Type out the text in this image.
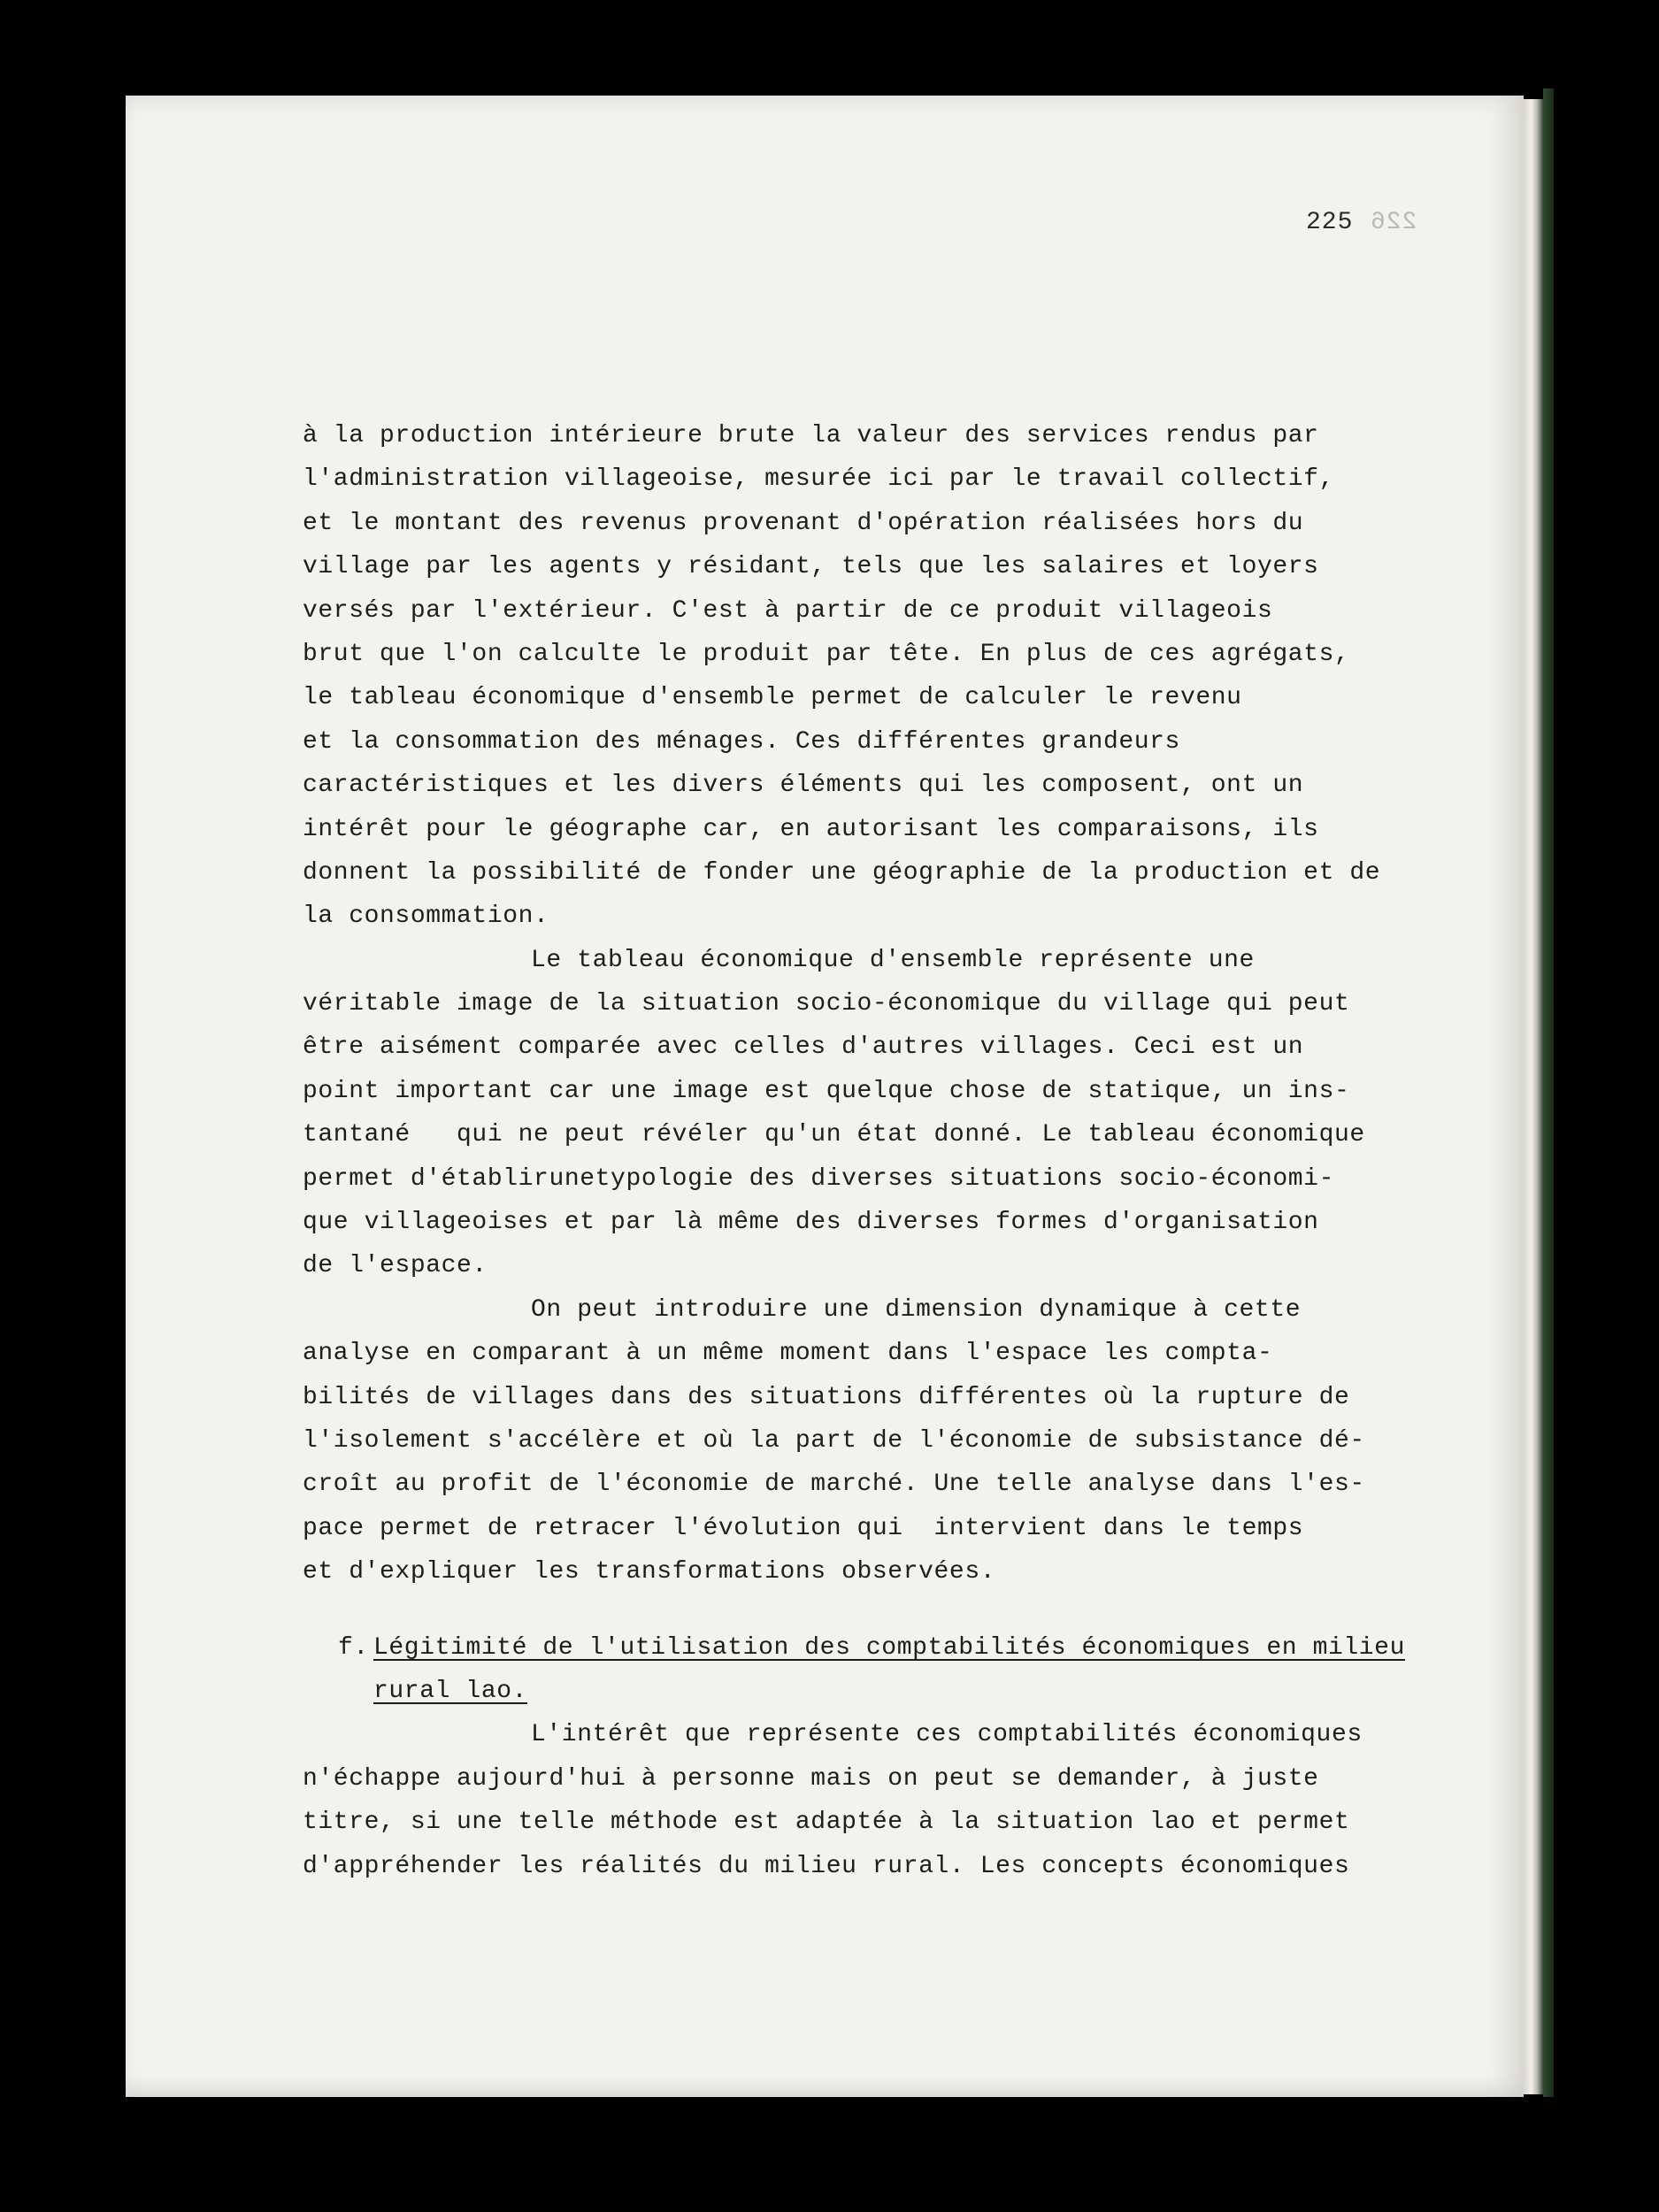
226
225
à la production intérieure brute la valeur des services rendus par
l'administration villageoise, mesurée ici par le travail collectif,
et le montant des revenus provenant d'opération réalisées hors du
village par les agents y résidant, tels que les salaires et loyers
versés par l'extérieur. C'est à partir de ce produit villageois
brut que l'on calculte le produit par tête. En plus de ces agrégats,
le tableau économique d'ensemble permet de calculer le revenu
et la consommation des ménages. Ces différentes grandeurs
caractéristiques et les divers éléments qui les composent, ont un
intérêt pour le géographe car, en autorisant les comparaisons, ils
donnent la possibilité de fonder une géographie de la production et de
la consommation.
Le tableau économique d'ensemble représente une
véritable image de la situation socio-économique du village qui peut
être aisément comparée avec celles d'autres villages. Ceci est un
point important car une image est quelque chose de statique, un ins-
tantané   qui ne peut révéler qu'un état donné. Le tableau économique
permet d'établirunetypologie des diverses situations socio-économi-
que villageoises et par là même des diverses formes d'organisation
de l'espace.
On peut introduire une dimension dynamique à cette
analyse en comparant à un même moment dans l'espace les compta-
bilités de villages dans des situations différentes où la rupture de
l'isolement s'accélère et où la part de l'économie de subsistance dé-
croît au profit de l'économie de marché. Une telle analyse dans l'es-
pace permet de retracer l'évolution qui  intervient dans le temps
et d'expliquer les transformations observées.
f. Légitimité de l'utilisation des comptabilités économiques en milieu
rural lao.
L'intérêt que représente ces comptabilités économiques
n'échappe aujourd'hui à personne mais on peut se demander, à juste
titre, si une telle méthode est adaptée à la situation lao et permet
d'appréhender les réalités du milieu rural. Les concepts économiques
